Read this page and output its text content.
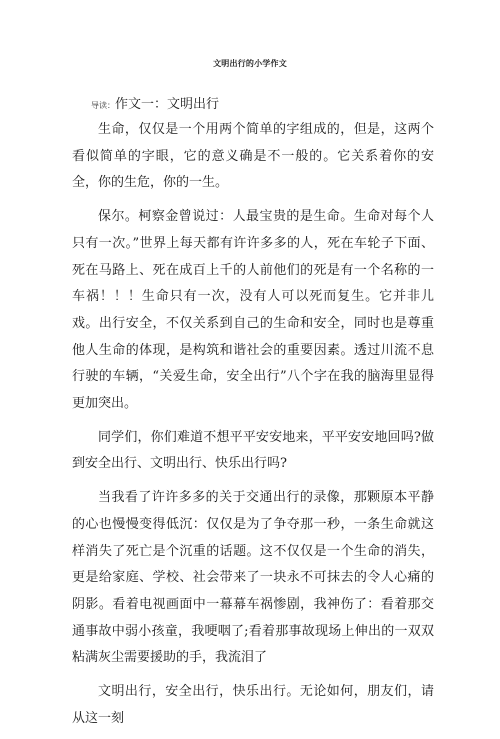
文明出行的小学作文
导读：作文一：文明出行

生命，仅仅是一个用两个简单的字组成的，但是，这两个看似简单的字眼，它的意义确是不一般的。它关系着你的安全，你的生危，你的一生。

保尔。柯察金曾说过：人最宝贵的是生命。生命对每个人只有一次。”世界上每天都有许许多多的人，死在车轮子下面、死在马路上、死在成百上千的人前他们的死是有一个名称的一车祸！！！生命只有一次，没有人可以死而复生。它并非儿戏。出行安全，不仅关系到自己的生命和安全，同时也是尊重他人生命的体现，是构筑和谐社会的重要因素。透过川流不息行驶的车辆，“关爱生命，安全出行”八个字在我的脑海里显得更加突出。

同学们，你们难道不想平平安安地来，平平安安地回吗?做到安全出行、文明出行、快乐出行吗?

当我看了许许多多的关于交通出行的录像，那颗原本平静的心也慢慢变得低沉：仅仅是为了争夺那一秒，一条生命就这样消失了死亡是个沉重的话题。这不仅仅是一个生命的消失，更是给家庭、学校、社会带来了一块永不可抹去的令人心痛的阴影。看着电视画面中一幕幕车祸惨剧，我神伤了：看着那交通事故中弱小孩童，我哽咽了;看着那事故现场上伸出的一双双粘满灰尘需要援助的手，我流泪了

文明出行，安全出行，快乐出行。无论如何，朋友们，请从这一刻
